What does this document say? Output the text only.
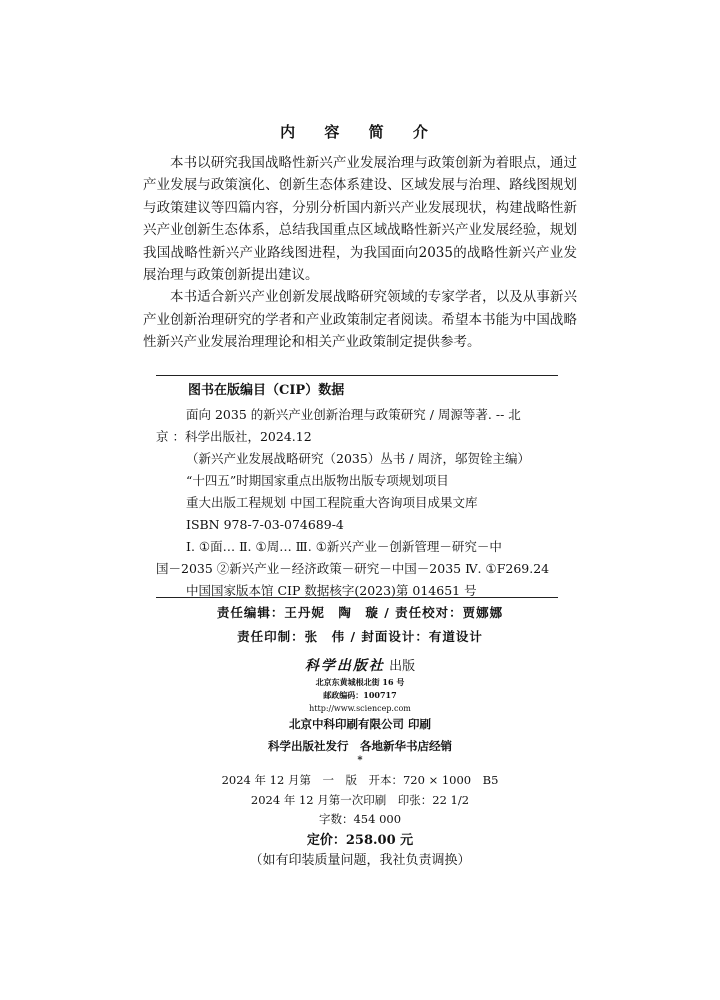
内 容 简 介

本书以研究我国战略性新兴产业发展治理与政策创新为着眼点，通过产业发展与政策演化、创新生态体系建设、区域发展与治理、路线图规划与政策建议等四篇内容，分别分析国内新兴产业发展现状，构建战略性新兴产业创新生态体系，总结我国重点区域战略性新兴产业发展经验，规划我国战略性新兴产业路线图进程，为我国面向2035的战略性新兴产业发展治理与政策创新提出建议。

本书适合新兴产业创新发展战略研究领域的专家学者，以及从事新兴产业创新治理研究的学者和产业政策制定者阅读。希望本书能为中国战略性新兴产业发展治理理论和相关产业政策制定提供参考。

图书在版编目（CIP）数据
面向 2035 的新兴产业创新治理与政策研究 / 周源等著. -- 北
京 ：科学出版社，2024.12
（新兴产业发展战略研究（2035）丛书 / 周济，邬贺铨主编）
“十四五”时期国家重点出版物出版专项规划项目
重大出版工程规划 中国工程院重大咨询项目成果文库
ISBN 978-7-03-074689-4
Ⅰ. ①面… Ⅱ. ①周… Ⅲ. ①新兴产业－创新管理－研究－中
国－2035 ②新兴产业－经济政策－研究－中国－2035 Ⅳ. ①F269.24
中国国家版本馆 CIP 数据核字(2023)第 014651 号
责任编辑：王丹妮　陶　璇 / 责任校对：贾娜娜
责任印制：张　伟 / 封面设计：有道设计
科学出版社 出版
北京东黄城根北街 16 号
邮政编码：100717
http://www.sciencep.com
北京中科印刷有限公司 印刷
科学出版社发行　各地新华书店经销
*
2024 年 12 月第　一　版　开本：720 × 1000　B5
2024 年 12 月第一次印刷　印张：22 1/2
字数：454 000
定价：258.00 元
（如有印装质量问题，我社负责调换）
